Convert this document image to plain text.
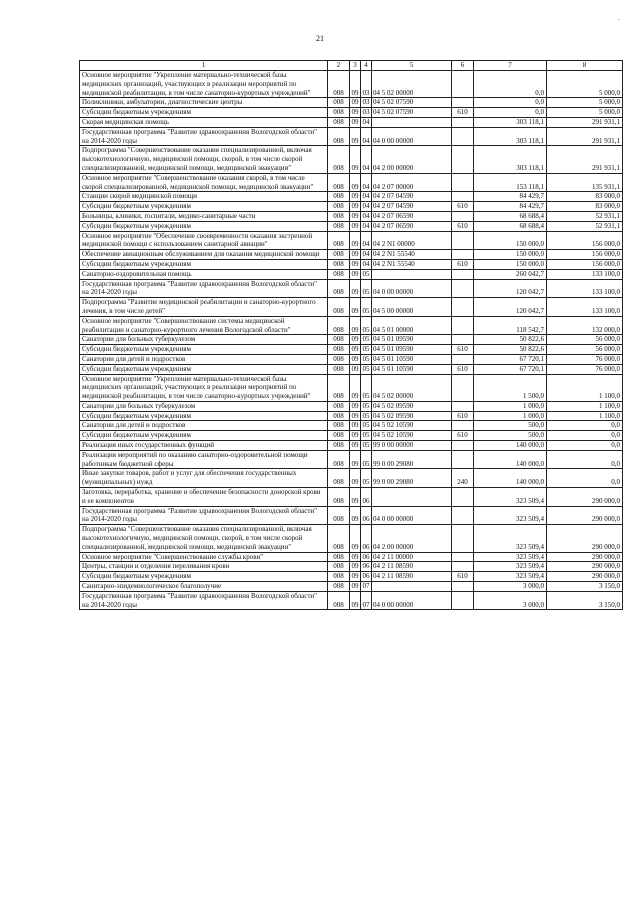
21
1	2	3	4	5	6	7	8
Основное мероприятие "Укрепление материально-технической базы медицинских организаций, участвующих в реализации мероприятий по медицинской реабилитации, в том числе санаторно-курортных учреждений"	008	09	03	04 5 02 00000		0,0	5 000,0
Поликлиники, амбулатории, диагностические центры	008	09	03	04 5 02 07590		0,0	5 000,0
Субсидии бюджетным учреждениям	008	09	03	04 5 02 07590	610	0,0	5 000,0
Скорая медицинская помощь	008	09	04			303 118,1	291 931,1
Государственная программа "Развитие здравоохранения Вологодской области" на 2014-2020 годы	008	09	04	04 0 00 00000		303 118,1	291 931,1
Подпрограмма "Совершенствование оказания специализированной, включая высокотехнологичную, медицинской помощи, скорой, в том числе скорой специализированной, медицинской помощи, медицинской эвакуации"	008	09	04	04 2 00 00000		303 118,1	291 931,1
Основное мероприятие "Совершенствование оказания скорой, в том числе скорой специализированной, медицинской помощи, медицинской эвакуации"	008	09	04	04 2 07 00000		153 118,1	135 931,1
Станции скорой медицинской помощи	008	09	04	04 2 07 04590		84 429,7	83 000,0
Субсидии бюджетным учреждениям	008	09	04	04 2 07 04590	610	84 429,7	83 000,0
Больницы, клиники, госпитали, медико-санитарные части	008	09	04	04 2 07 06590		68 688,4	52 931,1
Субсидии бюджетным учреждениям	008	09	04	04 2 07 06590	610	68 688,4	52 931,1
Основное мероприятие "Обеспечение своевременности оказания экстренной медицинской помощи с использованием санитарной авиации"	008	09	04	04 2 N1 00000		150 000,0	156 000,0
Обеспечение авиационным обслуживанием для оказания медицинской помощи	008	09	04	04 2 N1 55540		150 000,0	156 000,0
Субсидии бюджетным учреждениям	008	09	04	04 2 N1 55540	610	150 000,0	156 000,0
Санаторно-оздоровительная помощь	008	09	05			260 042,7	133 100,0
Государственная программа "Развитие здравоохранения Вологодской области" на 2014-2020 годы	008	09	05	04 0 00 00000		120 042,7	133 100,0
Подпрограмма "Развитие медицинской реабилитации и санаторно-курортного лечения, в том числе детей"	008	09	05	04 5 00 00000		120 042,7	133 100,0
Основное мероприятие "Совершенствование системы медицинской реабилитации и санаторно-курортного лечения Вологодской области"	008	09	05	04 5 01 00000		118 542,7	132 000,0
Санатории для больных туберкулезом	008	09	05	04 5 01 09590		50 822,6	56 000,0
Субсидии бюджетным учреждениям	008	09	05	04 5 01 09590	610	50 822,6	56 000,0
Санатории для детей и подростков	008	09	05	04 5 01 10590		67 720,1	76 000,0
Субсидии бюджетным учреждениям	008	09	05	04 5 01 10590	610	67 720,1	76 000,0
Основное мероприятие "Укрепление материально-технической базы медицинских организаций, участвующих в реализации мероприятий по медицинской реабилитации, в том числе санаторно-курортных учреждений"	008	09	05	04 5 02 00000		1 500,0	1 100,0
Санатории для больных туберкулезом	008	09	05	04 5 02 09590		1 000,0	1 100,0
Субсидии бюджетным учреждениям	008	09	05	04 5 02 09590	610	1 000,0	1 100,0
Санатории для детей и подростков	008	09	05	04 5 02 10590		500,0	0,0
Субсидии бюджетным учреждениям	008	09	05	04 5 02 10590	610	500,0	0,0
Реализация иных государственных функций	008	09	05	99 0 00 00000		140 000,0	0,0
Реализация мероприятий по оказанию санаторно-оздоровительной помощи работникам бюджетной сферы	008	09	05	99 0 00 29080		140 000,0	0,0
Иные закупки товаров, работ и услуг для обеспечения государственных (муниципальных) нужд	008	09	05	99 0 00 29080	240	140 000,0	0,0
Заготовка, переработка, хранение и обеспечение безопасности донорской крови и ее компонентов	008	09	06			323 509,4	290 000,0
Государственная программа "Развитие здравоохранения Вологодской области" на 2014-2020 годы	008	09	06	04 0 00 00000		323 509,4	290 000,0
Подпрограмма "Совершенствование оказания специализированной, включая высокотехнологичную, медицинской помощи, скорой, в том числе скорой специализированной, медицинской помощи, медицинской эвакуации"	008	09	06	04 2 00 00000		323 509,4	290 000,0
Основное мероприятие "Совершенствование службы крови"	008	09	06	04 2 11 00000		323 509,4	290 000,0
Центры, станции и отделения переливания крови	008	09	06	04 2 11 08590		323 509,4	290 000,0
Субсидии бюджетным учреждениям	008	09	06	04 2 11 08590	610	323 509,4	290 000,0
Санитарно-эпидемиологическое благополучие	008	09	07			3 000,0	3 150,0
Государственная программа "Развитие здравоохранения Вологодской области" на 2014-2020 годы	008	09	07	04 0 00 00000		3 000,0	3 150,0
.
